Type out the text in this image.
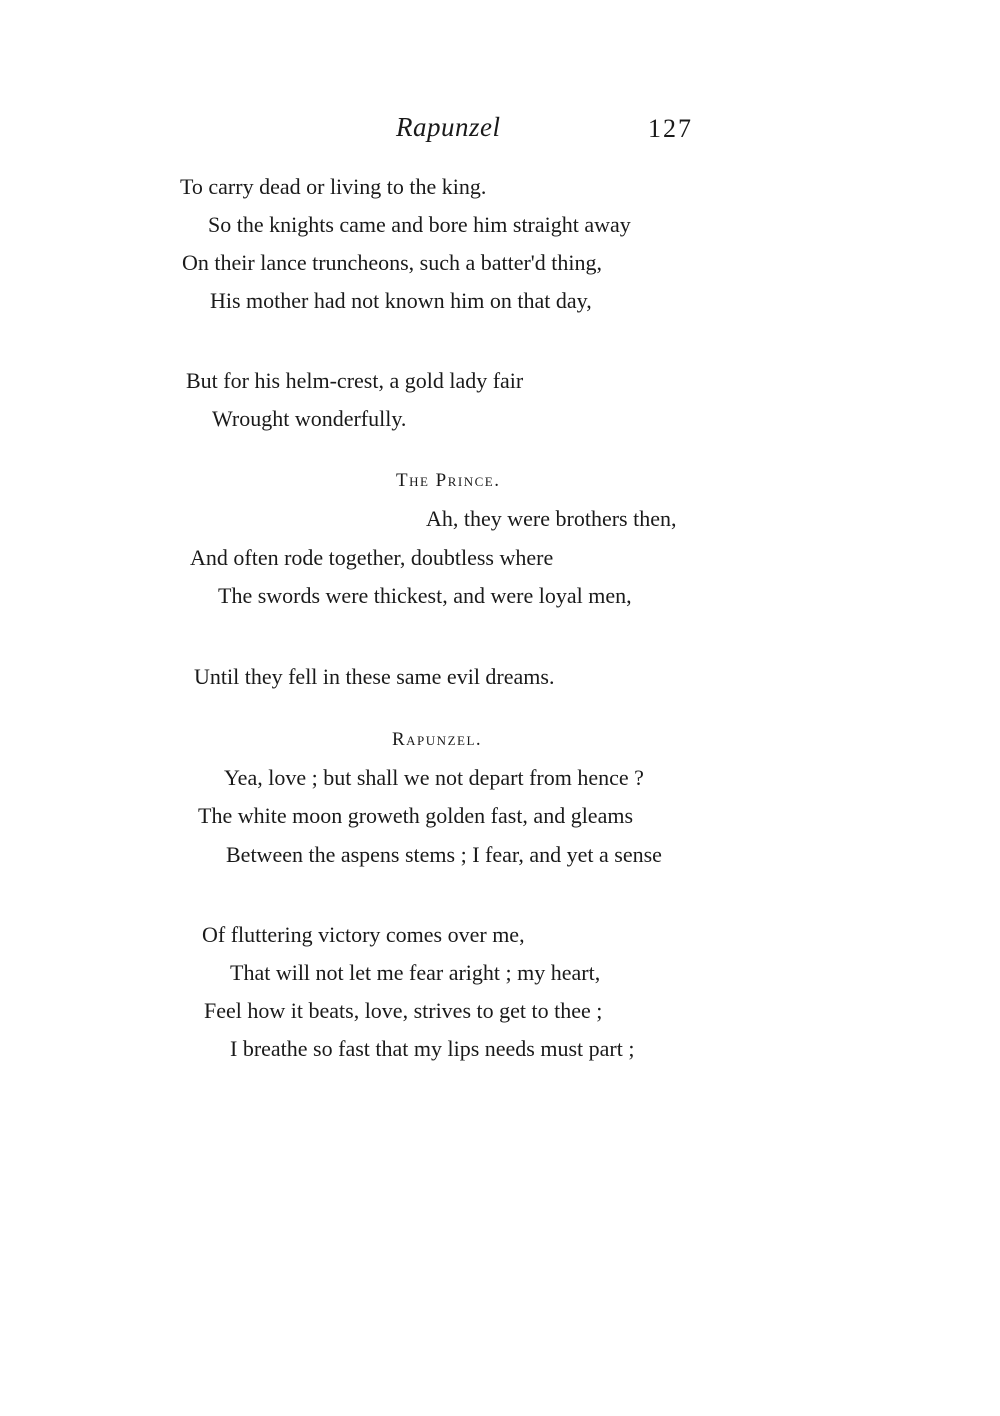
Rapunzel	127
To carry dead or living to the king.
So the knights came and bore him straight away
On their lance truncheons, such a batter'd thing,
His mother had not known him on that day,
But for his helm-crest, a gold lady fair
Wrought wonderfully.
The Prince.
Ah, they were brothers then,
And often rode together, doubtless where
The swords were thickest, and were loyal men,
Until they fell in these same evil dreams.
Rapunzel.
Yea, love ; but shall we not depart from hence ?
The white moon groweth golden fast, and gleams
Between the aspens stems ; I fear, and yet a sense
Of fluttering victory comes over me,
That will not let me fear aright ; my heart,
Feel how it beats, love, strives to get to thee ;
I breathe so fast that my lips needs must part ;
